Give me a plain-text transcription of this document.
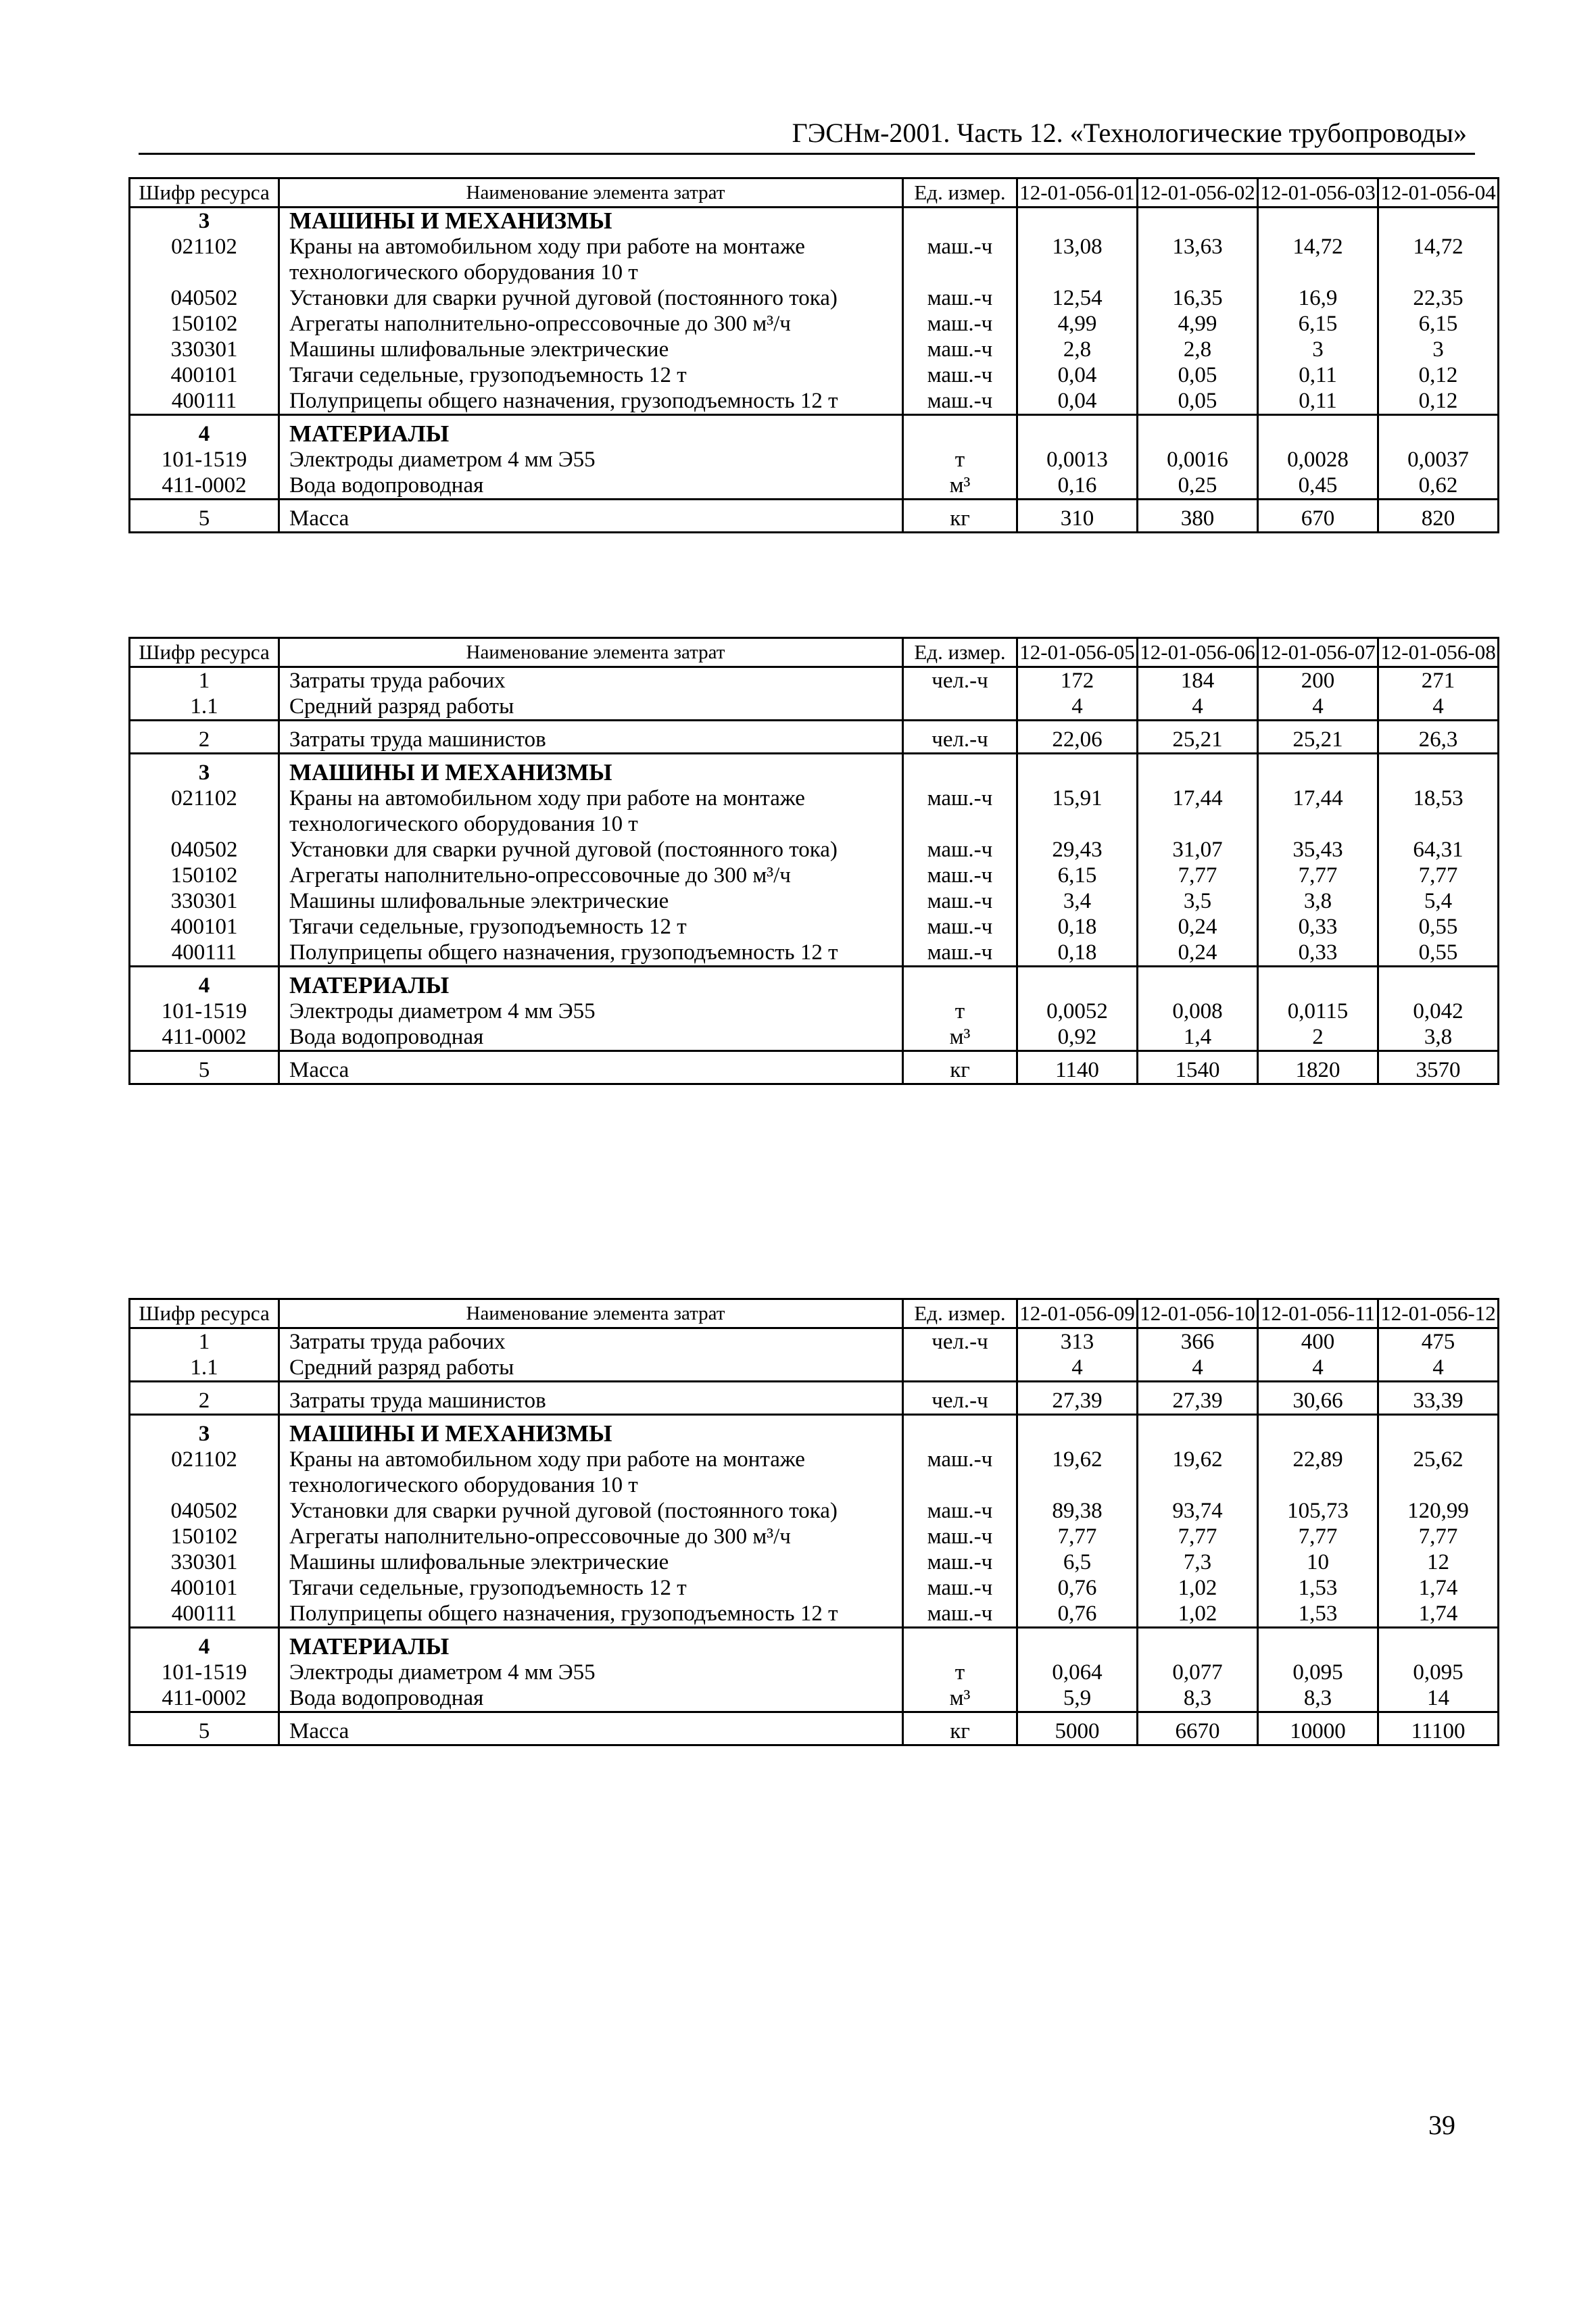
ГЭСНм-2001. Часть 12. «Технологические трубопроводы»
Шифр ресурса	Наименование элемента затрат	Ед. измер.	12-01-056-01	12-01-056-02	12-01-056-03	12-01-056-04
3	МАШИНЫ И МЕХАНИЗМЫ					
021102	Краны на автомобильном ходу при работе на монтаже технологического оборудования 10 т	маш.-ч	13,08	13,63	14,72	14,72
040502	Установки для сварки ручной дуговой (постоянного тока)	маш.-ч	12,54	16,35	16,9	22,35
150102	Агрегаты наполнительно-опрессовочные до 300 м³/ч	маш.-ч	4,99	4,99	6,15	6,15
330301	Машины шлифовальные электрические	маш.-ч	2,8	2,8	3	3
400101	Тягачи седельные, грузоподъемность 12 т	маш.-ч	0,04	0,05	0,11	0,12
400111	Полуприцепы общего назначения, грузоподъемность 12 т	маш.-ч	0,04	0,05	0,11	0,12
4	МАТЕРИАЛЫ					
101-1519	Электроды диаметром 4 мм Э55	т	0,0013	0,0016	0,0028	0,0037
411-0002	Вода водопроводная	м³	0,16	0,25	0,45	0,62
5	Масса	кг	310	380	670	820
Шифр ресурса	Наименование элемента затрат	Ед. измер.	12-01-056-05	12-01-056-06	12-01-056-07	12-01-056-08
1	Затраты труда рабочих	чел.-ч	172	184	200	271
1.1	Средний разряд работы		4	4	4	4
2	Затраты труда машинистов	чел.-ч	22,06	25,21	25,21	26,3
3	МАШИНЫ И МЕХАНИЗМЫ					
021102	Краны на автомобильном ходу при работе на монтаже технологического оборудования 10 т	маш.-ч	15,91	17,44	17,44	18,53
040502	Установки для сварки ручной дуговой (постоянного тока)	маш.-ч	29,43	31,07	35,43	64,31
150102	Агрегаты наполнительно-опрессовочные до 300 м³/ч	маш.-ч	6,15	7,77	7,77	7,77
330301	Машины шлифовальные электрические	маш.-ч	3,4	3,5	3,8	5,4
400101	Тягачи седельные, грузоподъемность 12 т	маш.-ч	0,18	0,24	0,33	0,55
400111	Полуприцепы общего назначения, грузоподъемность 12 т	маш.-ч	0,18	0,24	0,33	0,55
4	МАТЕРИАЛЫ					
101-1519	Электроды диаметром 4 мм Э55	т	0,0052	0,008	0,0115	0,042
411-0002	Вода водопроводная	м³	0,92	1,4	2	3,8
5	Масса	кг	1140	1540	1820	3570
Шифр ресурса	Наименование элемента затрат	Ед. измер.	12-01-056-09	12-01-056-10	12-01-056-11	12-01-056-12
1	Затраты труда рабочих	чел.-ч	313	366	400	475
1.1	Средний разряд работы		4	4	4	4
2	Затраты труда машинистов	чел.-ч	27,39	27,39	30,66	33,39
3	МАШИНЫ И МЕХАНИЗМЫ					
021102	Краны на автомобильном ходу при работе на монтаже технологического оборудования 10 т	маш.-ч	19,62	19,62	22,89	25,62
040502	Установки для сварки ручной дуговой (постоянного тока)	маш.-ч	89,38	93,74	105,73	120,99
150102	Агрегаты наполнительно-опрессовочные до 300 м³/ч	маш.-ч	7,77	7,77	7,77	7,77
330301	Машины шлифовальные электрические	маш.-ч	6,5	7,3	10	12
400101	Тягачи седельные, грузоподъемность 12 т	маш.-ч	0,76	1,02	1,53	1,74
400111	Полуприцепы общего назначения, грузоподъемность 12 т	маш.-ч	0,76	1,02	1,53	1,74
4	МАТЕРИАЛЫ					
101-1519	Электроды диаметром 4 мм Э55	т	0,064	0,077	0,095	0,095
411-0002	Вода водопроводная	м³	5,9	8,3	8,3	14
5	Масса	кг	5000	6670	10000	11100
39
